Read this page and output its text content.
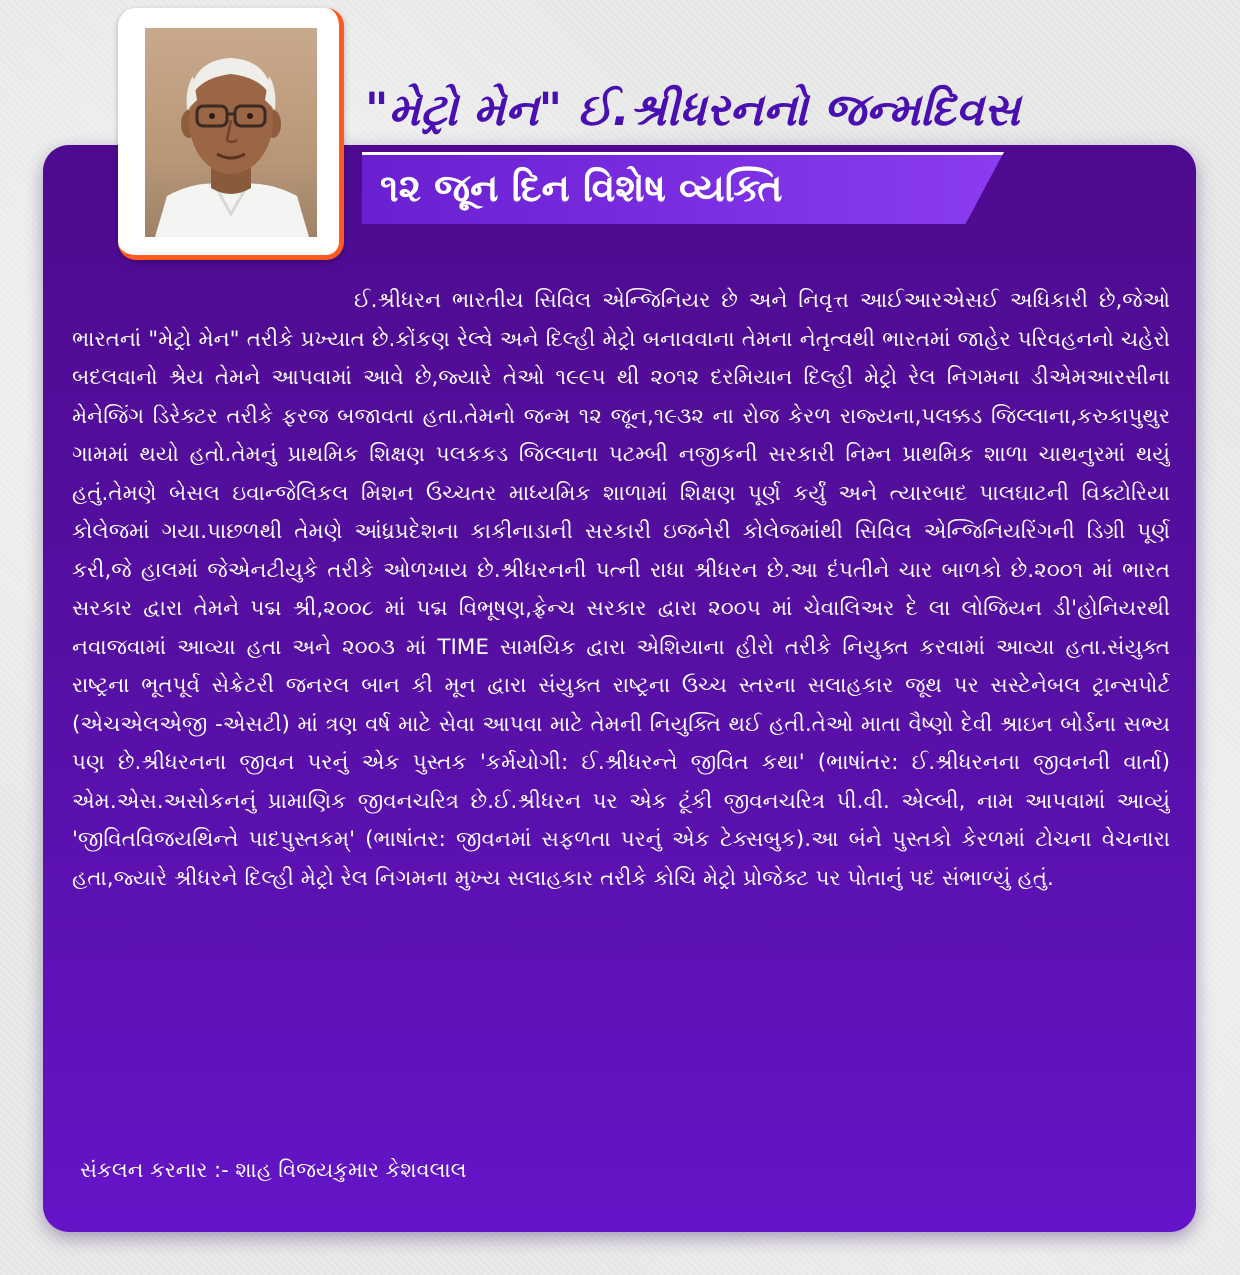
"મેટ્રો મેન" ઈ.શ્રીધરનનો જન્મદિવસ
૧૨ જૂન દિન વિશેષ વ્યક્તિ

ઈ.શ્રીધરન ભારતીય સિવિલ એન્જિનિયર છે અને નિવૃત્ત આઈઆરએસઈ અધિકારી છે,જેઓ ભારતનાં "મેટ્રો મેન" તરીકે પ્રખ્યાત છે.કોંકણ રેલ્વે અને દિલ્હી મેટ્રો બનાવવાના તેમના નેતૃત્વથી ભારતમાં જાહેર પરિવહનનો ચહેરો બદલવાનો શ્રેય તેમને આપવામાં આવે છે,જ્યારે તેઓ ૧૯૯૫ થી ૨૦૧૨ દરમિયાન દિલ્હી મેટ્રો રેલ નિગમના ડીએમઆરસીના મેનેજિંગ ડિરેક્ટર તરીકે ફરજ બજાવતા હતા.તેમનો જન્મ ૧૨ જૂન,૧૯૩૨ ના રોજ કેરળ રાજ્યના,પલક્કડ જિલ્લાના,કરુકાપુથુર ગામમાં થયો હતો.તેમનું પ્રાથમિક શિક્ષણ પલકકડ જિલ્લાના પટમ્બી નજીકની સરકારી નિમ્ન પ્રાથમિક શાળા ચાથનુરમાં થયું હતું.તેમણે બેસલ ઇવાન્જેલિકલ મિશન ઉચ્ચતર માધ્યમિક શાળામાં શિક્ષણ પૂર્ણ કર્યું અને ત્યારબાદ પાલઘાટની વિક્ટોરિયા કોલેજમાં ગયા.પાછળથી તેમણે આંધ્રપ્રદેશના કાકીનાડાની સરકારી ઇજનેરી કોલેજમાંથી સિવિલ એન્જિનિયરિંગની ડિગ્રી પૂર્ણ કરી,જે હાલમાં જેએનટીયુકે તરીકે ઓળખાય છે.શ્રીધરનની પત્ની રાધા શ્રીધરન છે.આ દંપતીને ચાર બાળકો છે.૨૦૦૧ માં ભારત સરકાર દ્વારા તેમને પદ્મ શ્રી,૨૦૦૮ માં પદ્મ વિભૂષણ,ફ્રેન્ચ સરકાર દ્વારા ૨૦૦૫ માં ચેવાલિઅર દે લા લોજિયન ડી'હોનિયરથી નવાજવામાં આવ્યા હતા અને ૨૦૦૩ માં TIME સામયિક દ્વારા એશિયાના હીરો તરીકે નિયુક્ત કરવામાં આવ્યા હતા.સંયુક્ત રાષ્ટ્રના ભૂતપૂર્વ સેક્રેટરી જનરલ બાન કી મૂન દ્વારા સંયુક્ત રાષ્ટ્રના ઉચ્ચ સ્તરના સલાહકાર જૂથ પર સસ્ટેનેબલ ટ્રાન્સપોર્ટ (એચએલએજી -એસટી) માં ત્રણ વર્ષ માટે સેવા આપવા માટે તેમની નિયુક્તિ થઈ હતી.તેઓ માતા વૈષ્ણો દેવી શ્રાઇન બોર્ડના સભ્ય પણ છે.શ્રીધરનના જીવન પરનું એક પુસ્તક 'કર્મયોગી: ઈ.શ્રીધરન્તે જીવિત કથા' (ભાષાંતર: ઈ.શ્રીધરનના જીવનની વાર્તા) એમ.એસ.અસોકનનું પ્રામાણિક જીવનચરિત્ર છે.ઈ.શ્રીધરન પર એક ટૂંકી જીવનચરિત્ર પી.વી. એલ્બી, નામ આપવામાં આવ્યું 'જીવિતવિજયથિન્તે પાદપુસ્તકમ્' (ભાષાંતર: જીવનમાં સફળતા પરનું એક ટેક્સબુક).આ બંને પુસ્તકો કેરળમાં ટોચના વેચનારા હતા,જ્યારે શ્રીધરને દિલ્હી મેટ્રો રેલ નિગમના મુખ્ય સલાહકાર તરીકે કોચિ મેટ્રો પ્રોજેક્ટ પર પોતાનું પદ સંભાળ્યું હતું.

સંકલન કરનાર :- શાહ વિજયકુમાર કેશવલાલ
